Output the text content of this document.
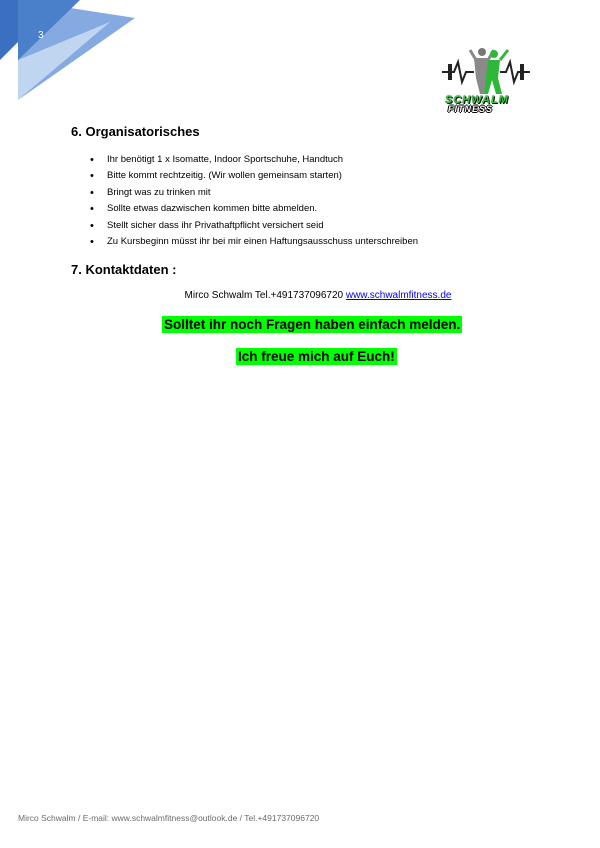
3
SCHWALM
FITNESS
6. Organisatorisches
• Ihr benötigt 1 x Isomatte, Indoor Sportschuhe, Handtuch
• Bitte kommt rechtzeitig. (Wir wollen gemeinsam starten)
• Bringt was zu trinken mit
• Sollte etwas dazwischen kommen bitte abmelden.
• Stellt sicher dass ihr Privathaftpflicht versichert seid
• Zu Kursbeginn müsst ihr bei mir einen Haftungsausschuss unterschreiben
7. Kontaktdaten :
Mirco Schwalm Tel.+491737096720 www.schwalmfitness.de
Solltet ihr noch Fragen haben einfach melden.
Ich freue mich auf Euch!
Mirco Schwalm / E-mail: www.schwalmfitness@outlook.de / Tel.+491737096720
